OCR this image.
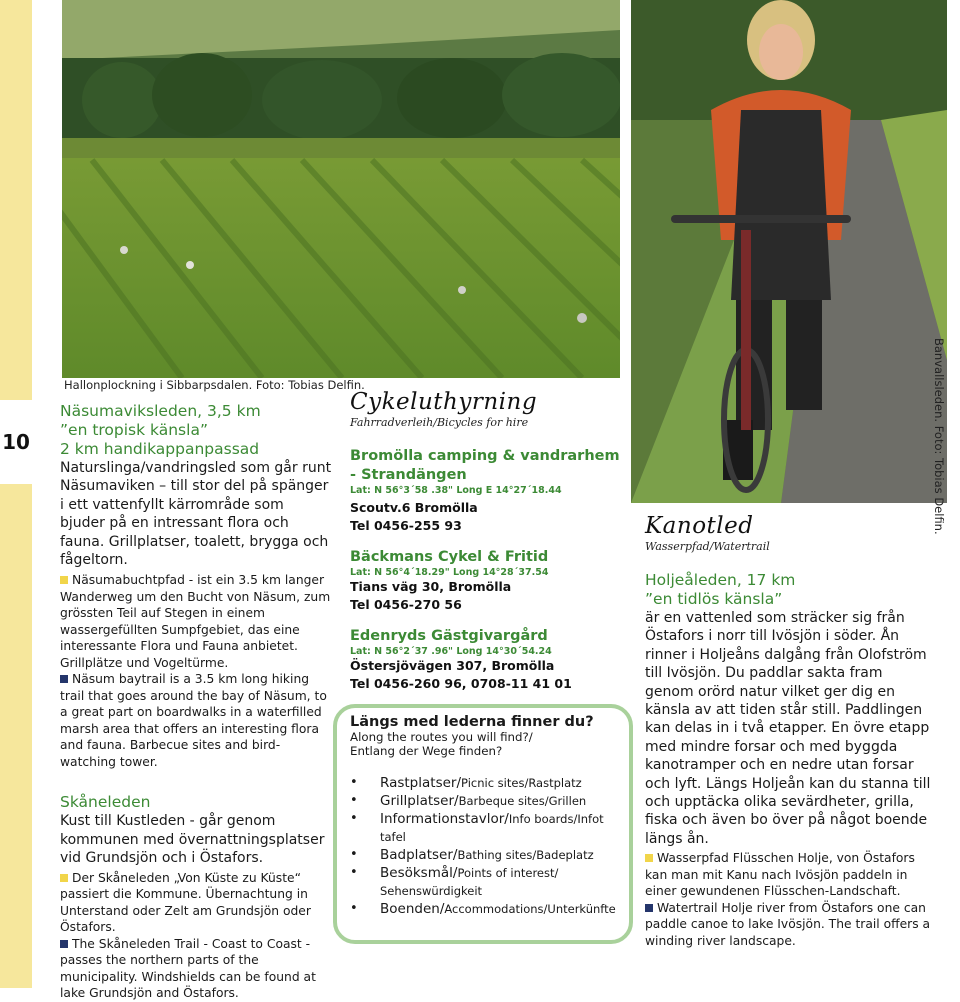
10
Hallonplockning i Sibbarpsdalen. Foto: Tobias Delfin.	Banvallsleden. Foto: Tobias Delfin.

Näsumaviksleden, 3,5 km

”en tropisk känsla”

2 km handikappanpassad

Naturslinga/vandringsled som går runt Näsumaviken – till stor del på spänger i ett vattenfyllt kärrområde som bjuder på en intressant flora och fauna. Grillplatser, toalett, brygga och fågeltorn.

Näsumabuchtpfad - ist ein 3.5 km langer Wanderweg um den Bucht von Näsum, zum grössten Teil auf Stegen in einem wassergefüllten Sumpfgebiet, das eine interessante Flora und Fauna anbietet. Grillplätze und Vogeltürme.

Näsum baytrail is a 3.5 km long hiking trail that goes around the bay of Näsum, to a great part on boardwalks in a waterfilled marsh area that offers an interesting flora and fauna. Barbecue sites and bird-watching tower.

Skåneleden

Kust till Kustleden - går genom kommunen med övernattningsplatser vid Grundsjön och i Östafors.

Der Skåneleden „Von Küste zu Küste“ passiert die Kommune. Übernachtung in Unterstand oder Zelt am Grundsjön oder Östafors.

The Skåneleden Trail - Coast to Coast - passes the northern parts of the municipality. Windshields can be found at lake Grundsjön and Östafors.

Cykeluthyrning
Fahrradverleih/Bicycles for hire
Bromölla camping & vandrarhem - Strandängen
Lat: N 56°3´58 .38" Long E 14°27´18.44
Scoutv.6 Bromölla
Tel 0456-255 93
Bäckmans Cykel & Fritid
Lat: N 56°4´18.29" Long 14°28´37.54
Tians väg 30, Bromölla
Tel 0456-270 56
Edenryds Gästgivargård
Lat: N 56°2´37 .96" Long 14°30´54.24
Östersjövägen 307, Bromölla
Tel 0456-260 96, 0708-11 41 01
Längs med lederna finner du?
Along the routes you will find?/
Entlang der Wege finden?
• Rastplatser/Picnic sites/Rastplatz
• Grillplatser/Barbeque sites/Grillen
• Informationstavlor/Info boards/Infot tafel
• Badplatser/Bathing sites/Badeplatz
• Besöksmål/Points of interest/ Sehenswürdigkeit
• Boenden/Accommodations/Unterkünfte
Kanotled
Wasserpfad/Watertrail
Holjeåleden, 17 km
”en tidlös känsla”
är en vattenled som sträcker sig från Östafors i norr till Ivösjön i söder. Ån rinner i Holjeåns dalgång från Olofström till Ivösjön. Du paddlar sakta fram genom orörd natur vilket ger dig en känsla av att tiden står still. Paddlingen kan delas in i två etapper. En övre etapp med mindre forsar och med byggda kanotramper och en nedre utan forsar och lyft. Längs Holjeån kan du stanna till och upptäcka olika sevärdheter, grilla, fiska och även bo över på något boende längs ån.
Wasserpfad Flüsschen Holje, von Östafors kan man mit Kanu nach Ivösjön paddeln in einer gewundenen Flüsschen-Landschaft.
Watertrail Holje river from Östafors one can paddle canoe to lake Ivösjön. The trail offers a winding river landscape.
